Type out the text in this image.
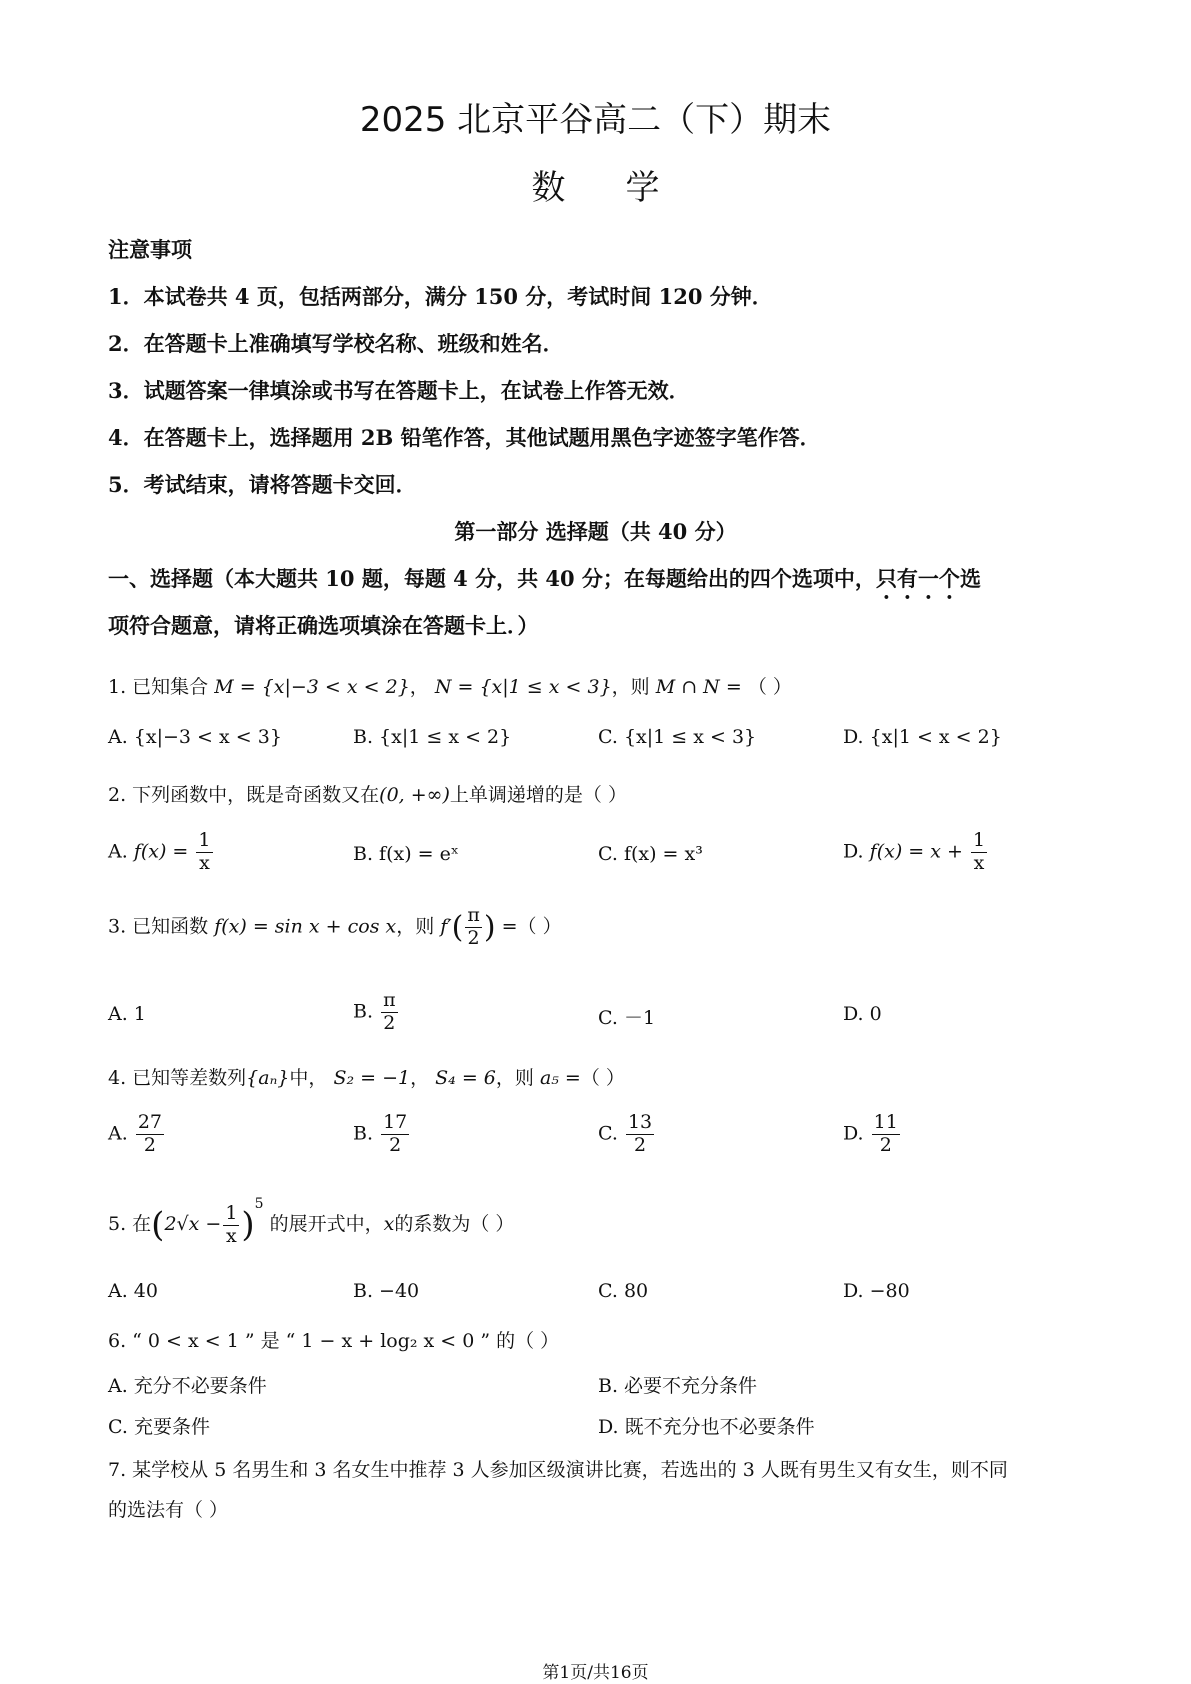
2025 北京平谷高二（下）期末
数学
注意事项
1．本试卷共 4 页，包括两部分，满分 150 分，考试时间 120 分钟．
2．在答题卡上准确填写学校名称、班级和姓名．
3．试题答案一律填涂或书写在答题卡上，在试卷上作答无效．
4．在答题卡上，选择题用 2B 铅笔作答，其他试题用黑色字迹签字笔作答．
5．考试结束，请将答题卡交回．
第一部分 选择题（共 40 分）
一、选择题（本大题共 10 题，每题 4 分，共 40 分；在每题给出的四个选项中，只有一个选
项符合题意，请将正确选项填涂在答题卡上．）
1. 已知集合 M = {x|−3 < x < 2}， N = {x|1 ≤ x < 3}，则 M ∩ N = （ ）
A. {x|−3 < x < 3}	B. {x|1 ≤ x < 2}	C. {x|1 ≤ x < 3}	D. {x|1 < x < 2}
2. 下列函数中，既是奇函数又在(0, +∞)上单调递增的是（ ）
A. $f(x) = \frac{1}{x}$	B. f(x) = eˣ	C. f(x) = x³	D. $f(x) = x + \frac{1}{x}$
3. 已知函数 f(x) = sin x + cos x，则 $f'( \frac{\pi}{2}$ ) =（ ）
A. 1	B. $\frac{\pi}{2}$	C. －1	D. 0
4. 已知等差数列{aₙ}中， S₂ = −1， S₄ = 6，则 a₅ =（ ）
A. $\frac{27}{2}$	B. $\frac{17}{2}$	C. $\frac{13}{2}$	D. $\frac{11}{2}$
5. 在$(2√x - \frac{1}{x} )^5$ 的展开式中，x的系数为（ ）
A. 40	B. −40	C. 80	D. −80
6. “ 0 < x < 1 ” 是 “ 1 − x + log₂ x < 0 ” 的（ ）
A. 充分不必要条件	B. 必要不充分条件
C. 充要条件	D. 既不充分也不必要条件
7. 某学校从 5 名男生和 3 名女生中推荐 3 人参加区级演讲比赛，若选出的 3 人既有男生又有女生，则不同
的选法有（ ）
第1页/共16页
